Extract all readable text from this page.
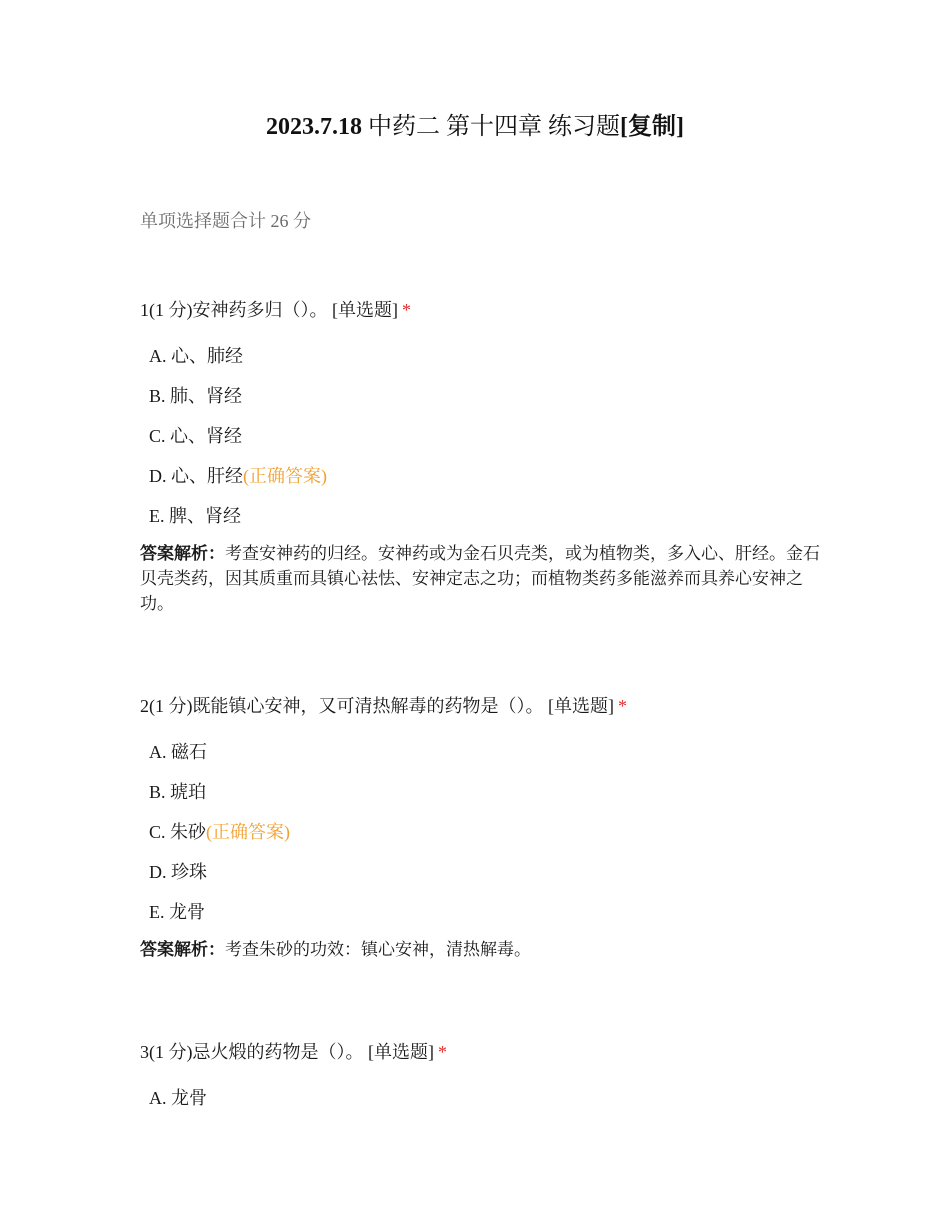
2023.7.18 中药二 第十四章 练习题[复制]
单项选择题合计 26 分
1(1 分)安神药多归（）。 [单选题] *
A. 心、肺经
B. 肺、肾经
C. 心、肾经
D. 心、肝经(正确答案)
E. 脾、肾经
答案解析：考查安神药的归经。安神药或为金石贝壳类，或为植物类，多入心、肝经。金石贝壳类药，因其质重而具镇心祛怯、安神定志之功；而植物类药多能滋养而具养心安神之功。
2(1 分)既能镇心安神，又可清热解毒的药物是（）。 [单选题] *
A. 磁石
B. 琥珀
C. 朱砂(正确答案)
D. 珍珠
E. 龙骨
答案解析：考查朱砂的功效：镇心安神，清热解毒。
3(1 分)忌火煅的药物是（）。 [单选题] *
A. 龙骨
